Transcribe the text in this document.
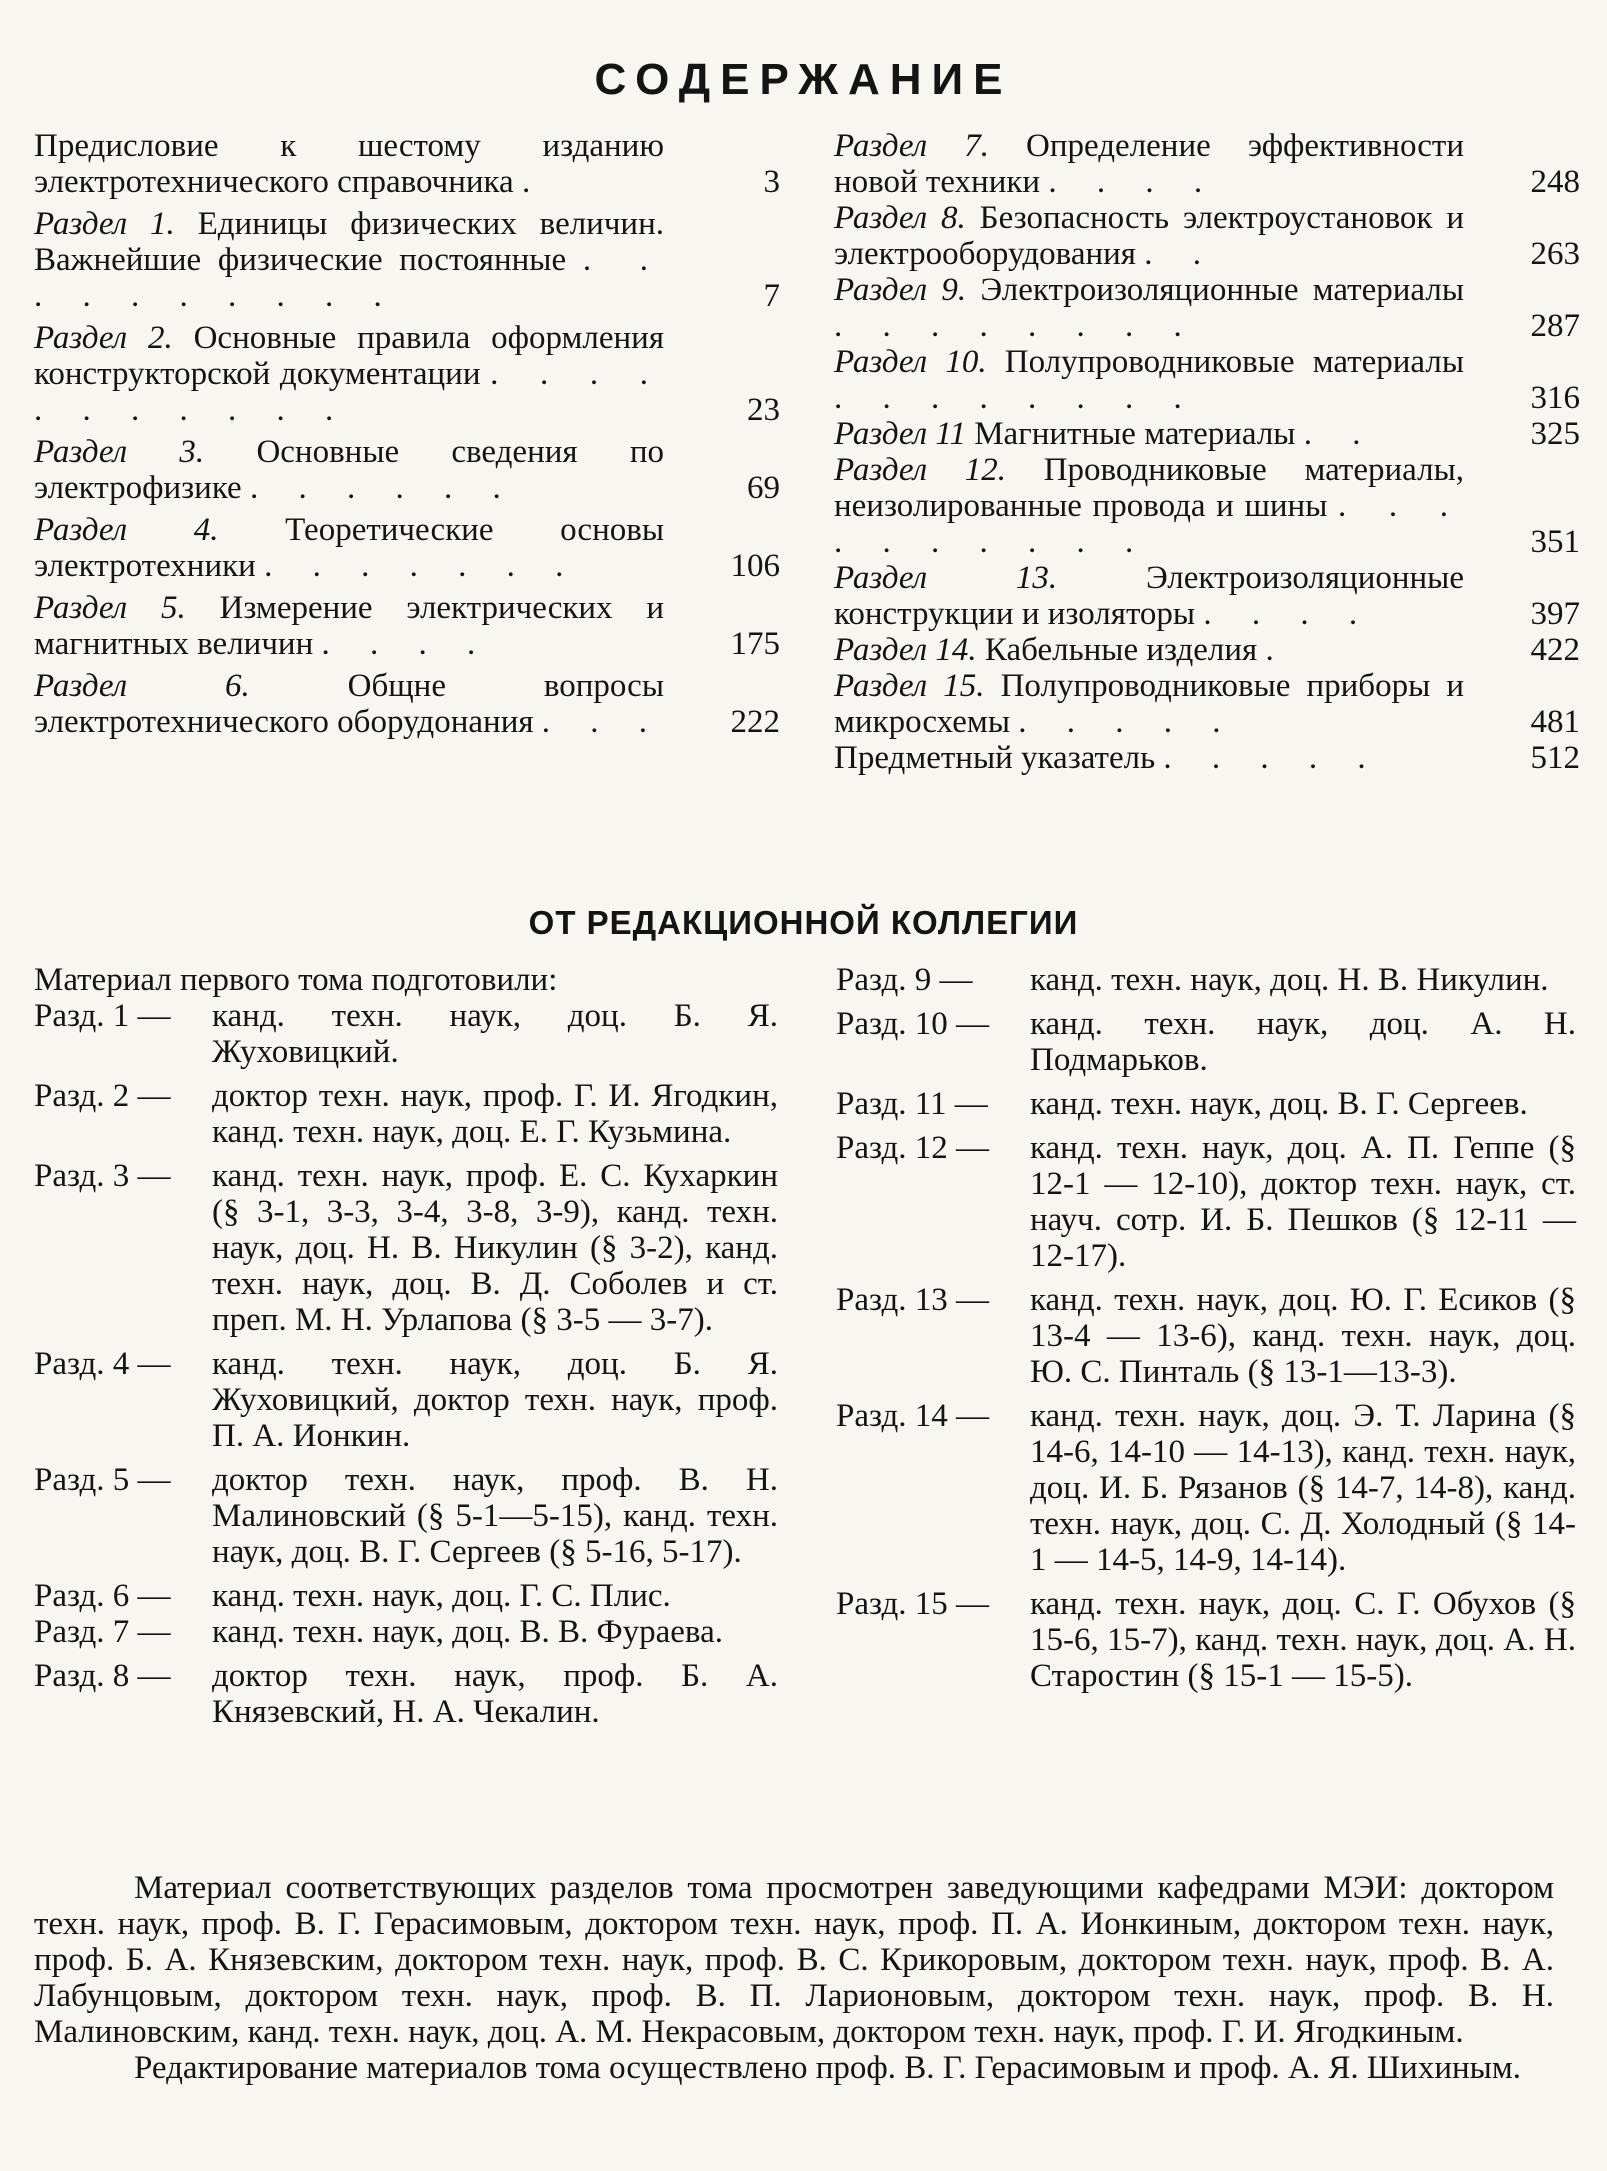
СОДЕРЖАНИЕ
Предисловие к шестому изданию электротехнического справочника .	3
Раздел 1. Единицы физических величин. Важнейшие физические постоянные . . . . . . . . . .	7
Раздел 2. Основные правила оформления конструкторской документации . . . . . . . . . . .	23
Раздел 3. Основные сведения по электрофизике . . . . . .	69
Раздел 4. Теоретические основы электротехники . . . . . . .	106
Раздел 5. Измерение электрических и магнитных величин . . . .	175
Раздел 6.	Общне вопросы электротехнического оборудонания . . .	222
Раздел 7. Определение эффективности новой техники . . . .	248
Раздел 8. Безопасность электроустановок и электрооборудования . .	263
Раздел 9. Электроизоляционные материалы . . . . . . . .	287
Раздел 10. Полупроводниковые материалы . . . . . . . .	316
Раздел 11 Магнитные материалы . .	325
Раздел 12. Проводниковые материалы, неизолированные провода и шины . . . . . . . . . .	351
Раздел 13.	Электроизоляционные конструкции и изоляторы . . . .	397
Раздел 14. Кабельные изделия .	422
Раздел 15. Полупроводниковые приборы и микросхемы . . . . .	481
Предметный указатель . . . . .	512
ОТ РЕДАКЦИОННОЙ КОЛЛЕГИИ

Материал первого тома подготовили:

Разд. 1 — канд. техн. наук, доц. Б. Я. Жуховицкий.
Разд. 2 — доктор техн. наук, проф. Г. И. Ягодкин, канд. техн. наук, доц. Е. Г. Кузьмина.
Разд. 3 — канд. техн. наук, проф. Е. С. Кухаркин (§ 3-1, 3-3, 3-4, 3-8, 3-9), канд. техн. наук, доц. Н. В. Никулин (§ 3-2), канд. техн. наук, доц. В. Д. Соболев и ст. преп. М. Н. Урлапова (§ 3-5 — 3-7).
Разд. 4 — канд. техн. наук, доц. Б. Я. Жуховицкий, доктор техн. наук, проф. П. А. Ионкин.
Разд. 5 — доктор техн. наук, проф. В. Н. Малиновский (§ 5-1—5-15), канд. техн. наук, доц. В. Г. Сергеев (§ 5-16, 5-17).
Разд. 6 — канд. техн. наук, доц. Г. С. Плис.
Разд. 7 — канд. техн. наук, доц. В. В. Фураева.
Разд. 8 — доктор техн. наук, проф. Б. А. Князевский, Н. А. Чекалин.
Разд. 9 — канд. техн. наук, доц. Н. В. Никулин.
Разд. 10 — канд. техн. наук, доц. А. Н. Подмарьков.
Разд. 11 — канд. техн. наук, доц. В. Г. Сергеев.
Разд. 12 — канд. техн. наук, доц. А. П. Геппе (§ 12-1 — 12-10), доктор техн. наук, ст. науч. сотр. И. Б. Пешков (§ 12-11 — 12-17).
Разд. 13 — канд. техн. наук, доц. Ю. Г. Есиков (§ 13-4 — 13-6), канд. техн. наук, доц. Ю. С. Пинталь (§ 13-1—13-3).
Разд. 14 — канд. техн. наук, доц. Э. Т. Ларина (§ 14-6, 14-10 — 14-13), канд. техн. наук, доц. И. Б. Рязанов (§ 14-7, 14-8), канд. техн. наук, доц. С. Д. Холодный (§ 14-1 — 14-5, 14-9, 14-14).
Разд. 15 — канд. техн. наук, доц. С. Г. Обухов (§ 15-6, 15-7), канд. техн. наук, доц. А. Н. Старостин (§ 15-1 — 15-5).

Материал соответствующих разделов тома просмотрен заведующими кафедрами МЭИ: доктором техн. наук, проф. В. Г. Герасимовым, доктором техн. наук, проф. П. А. Ионкиным, доктором техн. наук, проф. Б. А. Князевским, доктором техн. наук, проф. В. С. Крикоровым, доктором техн. наук, проф. В. А. Лабунцовым, доктором техн. наук, проф. В. П. Ларионовым, доктором техн. наук, проф. В. Н. Малиновским, канд. техн. наук, доц. А. М. Некрасовым, доктором техн. наук, проф. Г. И. Ягодкиным.

Редактирование материалов тома осуществлено проф. В. Г. Герасимовым и проф. А. Я. Шихиным.
